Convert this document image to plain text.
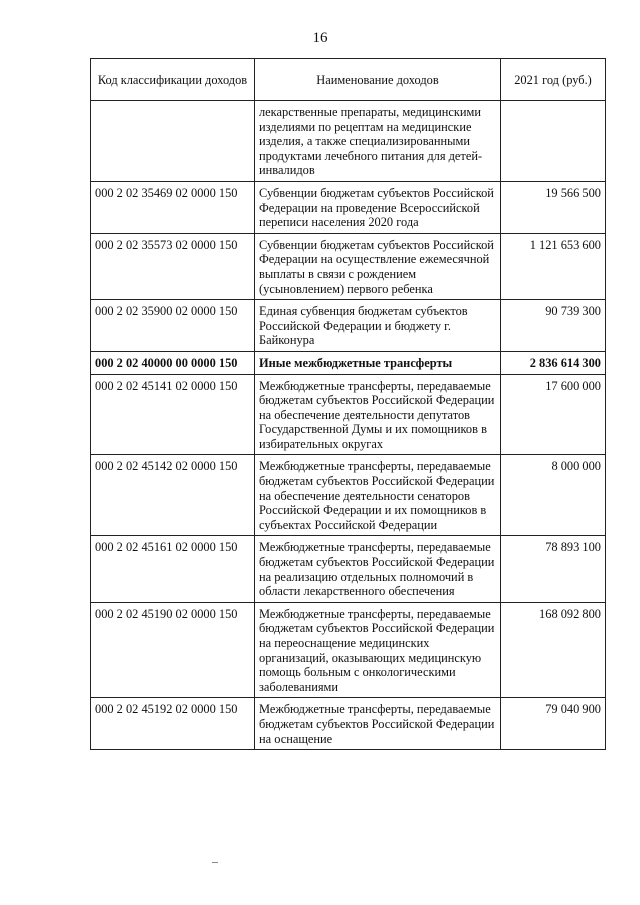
16
Код классификации доходов	Наименование доходов	2021 год (руб.)
	лекарственные препараты, медицинскими изделиями по рецептам на медицинские изделия, а также специализированными продуктами лечебного питания для детей-инвалидов	
000 2 02 35469 02 0000 150	Субвенции бюджетам субъектов Российской Федерации на проведение Всероссийской переписи населения 2020 года	19 566 500
000 2 02 35573 02 0000 150	Субвенции бюджетам субъектов Российской Федерации на осуществление ежемесячной выплаты в связи с рождением (усыновлением) первого ребенка	1 121 653 600
000 2 02 35900 02 0000 150	Единая субвенция бюджетам субъектов Российской Федерации и бюджету г. Байконура	90 739 300
000 2 02 40000 00 0000 150	Иные межбюджетные трансферты	2 836 614 300
000 2 02 45141 02 0000 150	Межбюджетные трансферты, передаваемые бюджетам субъектов Российской Федерации на обеспечение деятельности депутатов Государственной Думы и их помощников в избирательных округах	17 600 000
000 2 02 45142 02 0000 150	Межбюджетные трансферты, передаваемые бюджетам субъектов Российской Федерации на обеспечение деятельности сенаторов Российской Федерации и их помощников в субъектах Российской Федерации	8 000 000
000 2 02 45161 02 0000 150	Межбюджетные трансферты, передаваемые бюджетам субъектов Российской Федерации на реализацию отдельных полномочий в области лекарственного обеспечения	78 893 100
000 2 02 45190 02 0000 150	Межбюджетные трансферты, передаваемые бюджетам субъектов Российской Федерации на переоснащение медицинских организаций, оказывающих медицинскую помощь больным с онкологическими заболеваниями	168 092 800
000 2 02 45192 02 0000 150	Межбюджетные трансферты, передаваемые бюджетам субъектов Российской Федерации на оснащение	79 040 900
